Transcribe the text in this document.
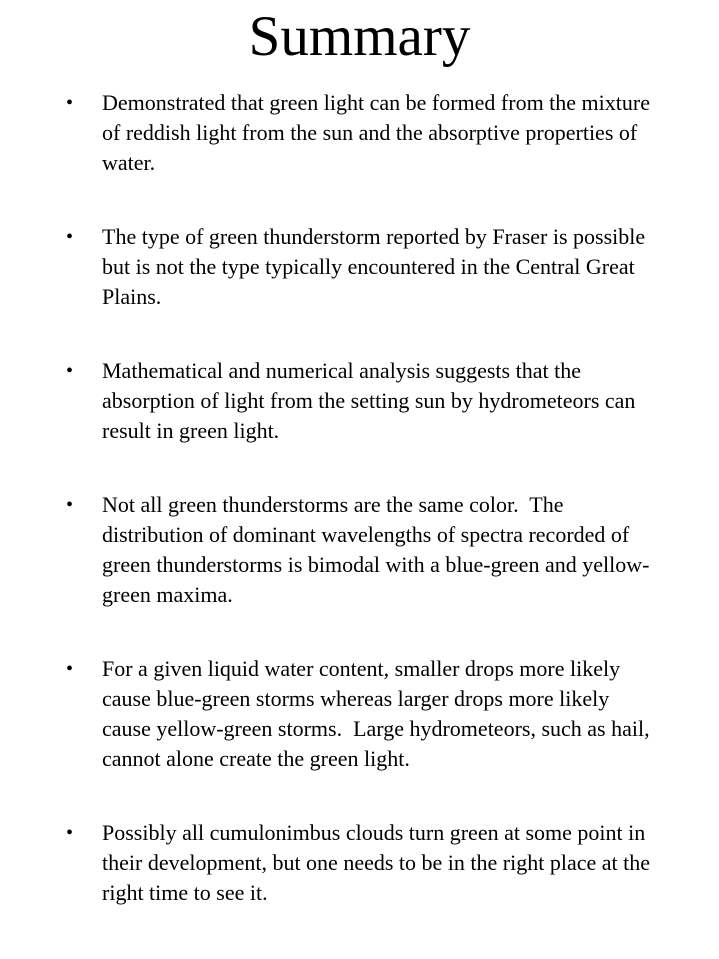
Summary
•	Demonstrated that green light can be formed from the mixture of reddish light from the sun and the absorptive properties of water.
•	The type of green thunderstorm reported by Fraser is possible but is not the type typically encountered in the Central Great Plains.
•	Mathematical and numerical analysis suggests that the absorption of light from the setting sun by hydrometeors can result in green light.
•	Not all green thunderstorms are the same color.  The distribution of dominant wavelengths of spectra recorded of green thunderstorms is bimodal with a blue-green and yellow-green maxima.
•	For a given liquid water content, smaller drops more likely cause blue-green storms whereas larger drops more likely cause yellow-green storms.  Large hydrometeors, such as hail, cannot alone create the green light.
•	Possibly all cumulonimbus clouds turn green at some point in their development, but one needs to be in the right place at the right time to see it.
